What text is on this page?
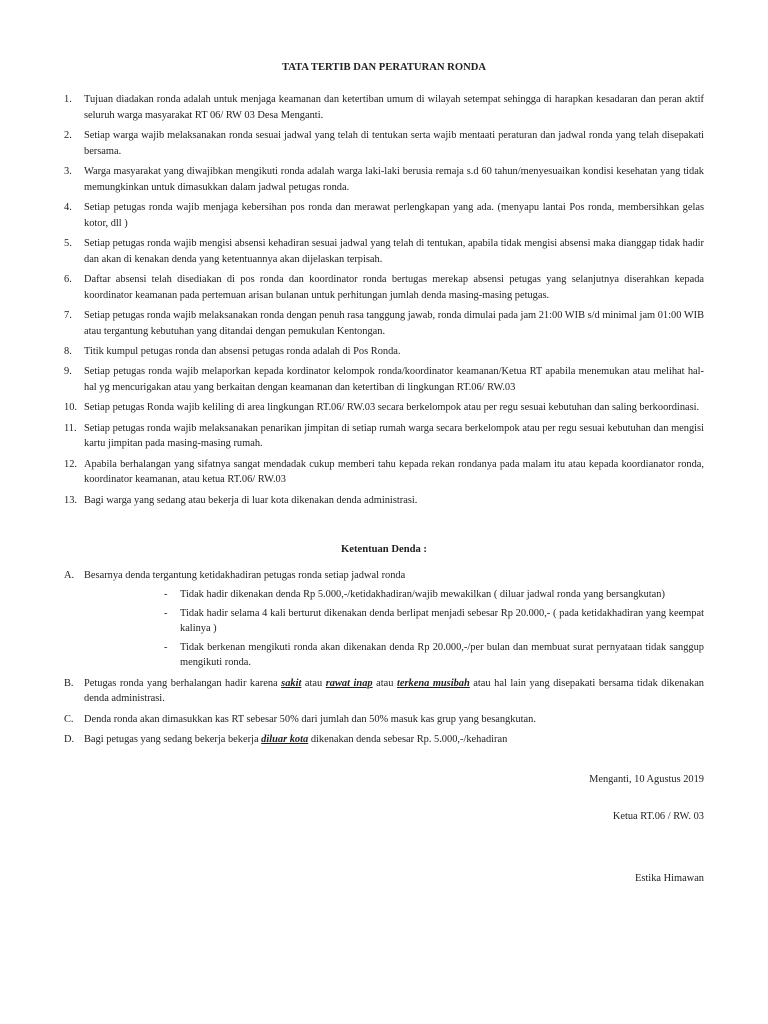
TATA TERTIB DAN PERATURAN RONDA
1. Tujuan diadakan ronda adalah untuk menjaga keamanan dan ketertiban umum di wilayah setempat sehingga di harapkan kesadaran dan peran aktif seluruh warga masyarakat RT 06/ RW 03 Desa Menganti.
2. Setiap warga wajib melaksanakan ronda sesuai jadwal yang telah di tentukan serta wajib mentaati peraturan dan jadwal ronda yang telah disepakati bersama.
3. Warga masyarakat yang diwajibkan mengikuti ronda adalah warga laki-laki berusia remaja s.d 60 tahun/menyesuaikan kondisi kesehatan yang tidak memungkinkan untuk dimasukkan dalam jadwal petugas ronda.
4. Setiap petugas ronda wajib menjaga kebersihan pos ronda dan merawat perlengkapan yang ada. (menyapu lantai Pos ronda, membersihkan gelas kotor, dll )
5. Setiap petugas ronda wajib mengisi absensi kehadiran sesuai jadwal yang telah di tentukan, apabila tidak mengisi absensi maka dianggap tidak hadir dan akan di kenakan denda yang ketentuannya akan dijelaskan terpisah.
6. Daftar absensi telah disediakan di pos ronda dan koordinator ronda bertugas merekap absensi petugas yang selanjutnya diserahkan kepada koordinator keamanan pada pertemuan arisan bulanan untuk perhitungan jumlah denda masing-masing petugas.
7. Setiap petugas ronda wajib melaksanakan ronda dengan penuh rasa tanggung jawab, ronda dimulai pada jam 21:00 WIB s/d minimal jam 01:00 WIB atau tergantung kebutuhan yang ditandai dengan pemukulan Kentongan.
8. Titik kumpul petugas ronda dan absensi petugas ronda adalah di Pos Ronda.
9. Setiap petugas ronda wajib melaporkan kepada kordinator kelompok ronda/koordinator keamanan/Ketua RT apabila menemukan atau melihat hal-hal yg mencurigakan atau yang berkaitan dengan keamanan dan ketertiban di lingkungan RT.06/ RW.03
10. Setiap petugas Ronda wajib keliling di area lingkungan RT.06/ RW.03 secara berkelompok atau per regu sesuai kebutuhan dan saling berkoordinasi.
11. Setiap petugas ronda wajib melaksanakan penarikan jimpitan di setiap rumah warga secara berkelompok atau per regu sesuai kebutuhan dan mengisi kartu jimpitan pada masing-masing rumah.
12. Apabila berhalangan yang sifatnya sangat mendadak cukup memberi tahu kepada rekan rondanya pada malam itu atau kepada koordianator ronda, koordinator keamanan, atau ketua RT.06/ RW.03
13. Bagi warga yang sedang atau bekerja di luar kota dikenakan denda administrasi.
Ketentuan Denda :
A. Besarnya denda tergantung ketidakhadiran petugas ronda setiap jadwal ronda
- Tidak hadir dikenakan denda Rp 5.000,-/ketidakhadiran/wajib mewakilkan ( diluar jadwal ronda yang bersangkutan)
- Tidak hadir selama 4 kali berturut dikenakan denda berlipat menjadi sebesar Rp 20.000,- ( pada ketidakhadiran yang keempat kalinya )
- Tidak berkenan mengikuti ronda akan dikenakan denda Rp 20.000,-/per bulan dan membuat surat pernyataan tidak sanggup mengikuti ronda.
B. Petugas ronda yang berhalangan hadir karena sakit atau rawat inap atau terkena musibah atau hal lain yang disepakati bersama tidak dikenakan denda administrasi.
C. Denda ronda akan dimasukkan kas RT sebesar 50% dari jumlah dan 50% masuk kas grup yang besangkutan.
D. Bagi petugas yang sedang bekerja bekerja diluar kota dikenakan denda sebesar Rp. 5.000,-/kehadiran
Menganti, 10 Agustus 2019
Ketua RT.06 / RW. 03
Estika Himawan
